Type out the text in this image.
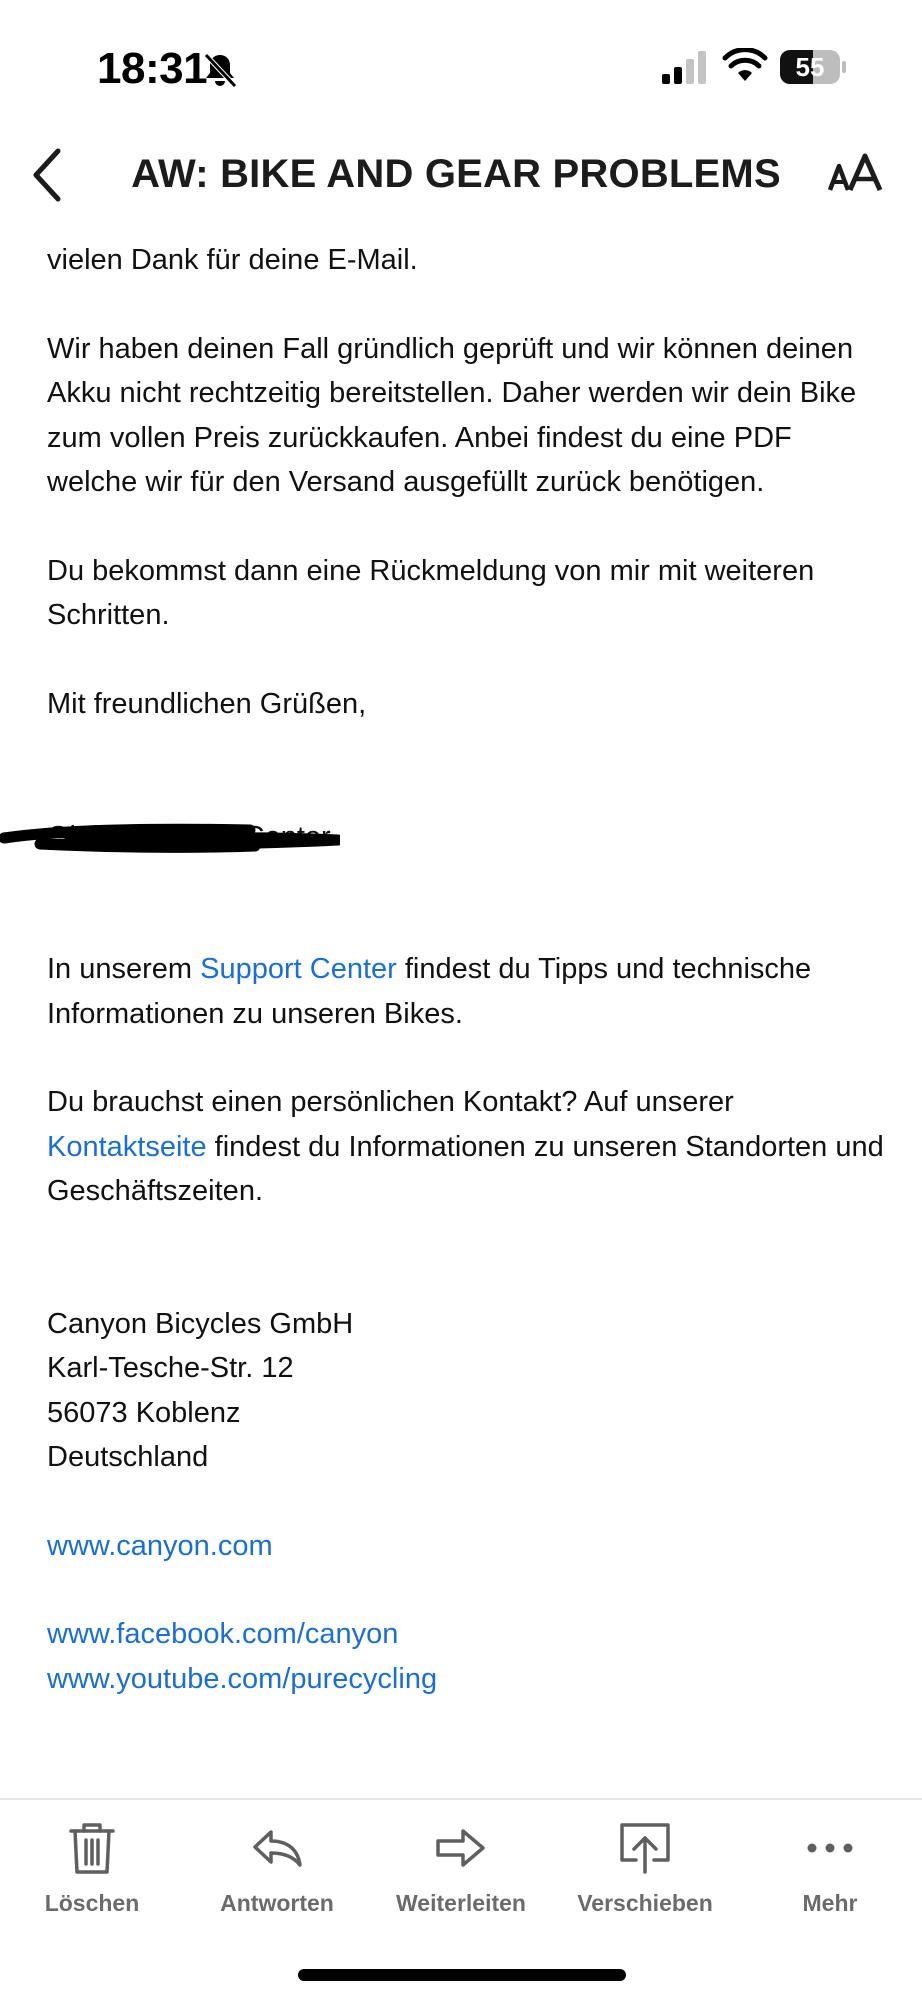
18:31	55
AW: BIKE AND GEAR PROBLEMS

vielen Dank für deine E-Mail.

Wir haben deinen Fall gründlich geprüft und wir können deinen Akku nicht rechtzeitig bereitstellen. Daher werden wir dein Bike zum vollen Preis zurückkaufen. Anbei findest du eine PDF welche wir für den Versand ausgefüllt zurück benötigen.

Du bekommst dann eine Rückmeldung von mir mit weiteren Schritten.

Mit freundlichen Grüßen,

Global Service Center

In unserem Support Center findest du Tipps und technische Informationen zu unseren Bikes.

Du brauchst einen persönlichen Kontakt? Auf unserer Kontaktseite findest du Informationen zu unseren Standorten und Geschäftszeiten.

Canyon Bicycles GmbH

Karl-Tesche-Str. 12

56073 Koblenz

Deutschland

www.canyon.com

www.facebook.com/canyon

www.youtube.com/purecycling

Löschen	Antworten	Weiterleiten	Verschieben	Mehr
